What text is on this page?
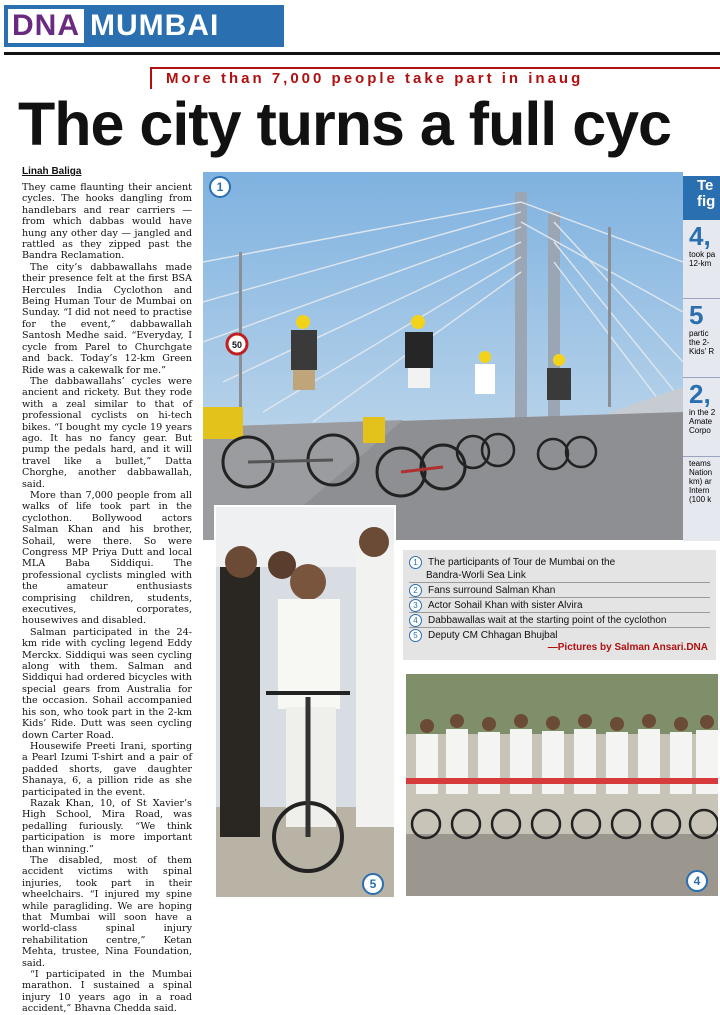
DNA MUMBAI
More than 7,000 people take part in inaug
The city turns a full cyc
Linah Baliga

They came flaunting their ancient cycles. The hooks dangling from handlebars and rear carriers — from which dabbas would have hung any other day — jangled and rattled as they zipped past the Bandra Reclamation.

The city’s dabbawallahs made their presence felt at the first BSA Hercules India Cyclothon and Being Human Tour de Mumbai on Sunday. “I did not need to practise for the event,” dabbawallah Santosh Medhe said. “Everyday, I cycle from Parel to Churchgate and back. Today’s 12-km Green Ride was a cakewalk for me.”

The dabbawallahs’ cycles were ancient and rickety. But they rode with a zeal similar to that of professional cyclists on hi-tech bikes. “I bought my cycle 19 years ago. It has no fancy gear. But pump the pedals hard, and it will travel like a bullet,” Datta Chorghe, another dabbawallah, said.

More than 7,000 people from all walks of life took part in the cyclothon. Bollywood actors Salman Khan and his brother, Sohail, were there. So were Congress MP Priya Dutt and local MLA Baba Siddiqui. The professional cyclists mingled with the amateur enthusiasts comprising children, students, executives, corporates, housewives and disabled.

Salman participated in the 24-km ride with cycling legend Eddy Merckx. Siddiqui was seen cycling along with them. Salman and Siddiqui had ordered bicycles with special gears from Australia for the occasion. Sohail accompanied his son, who took part in the 2-km Kids’ Ride. Dutt was seen cycling down Carter Road.

Housewife Preeti Irani, sporting a Pearl Izumi T-shirt and a pair of padded shorts, gave daughter Shanaya, 6, a pillion ride as she participated in the event.

Razak Khan, 10, of St Xavier’s High School, Mira Road, was pedalling furiously. “We think participation is more important than winning.”

The disabled, most of them accident victims with spinal injuries, took part in their wheelchairs. “I injured my spine while paragliding. We are hoping that Mumbai will soon have a world-class spinal injury rehabilitation centre,” Ketan Mehta, trustee, Nina Foundation, said.

“I participated in the Mumbai marathon. I sustained a spinal injury 10 years ago in a road accident,” Bhavna Chedda said.

50
1	Te
fig
4,
took pa
12-km
5
partic
the 2-
Kids' R
2,
in the 2
Amate
Corpo
teams
Nation
km) ar
Intern
(100 k
5
1	The participants of Tour de Mumbai on the
Bandra-Worli Sea Link
2	Fans surround Salman Khan
3	Actor Sohail Khan with sister Alvira
4	Dabbawallas wait at the starting point of the cyclothon
5	Deputy CM Chhagan Bhujbal
—Pictures by Salman Ansari.DNA
4
